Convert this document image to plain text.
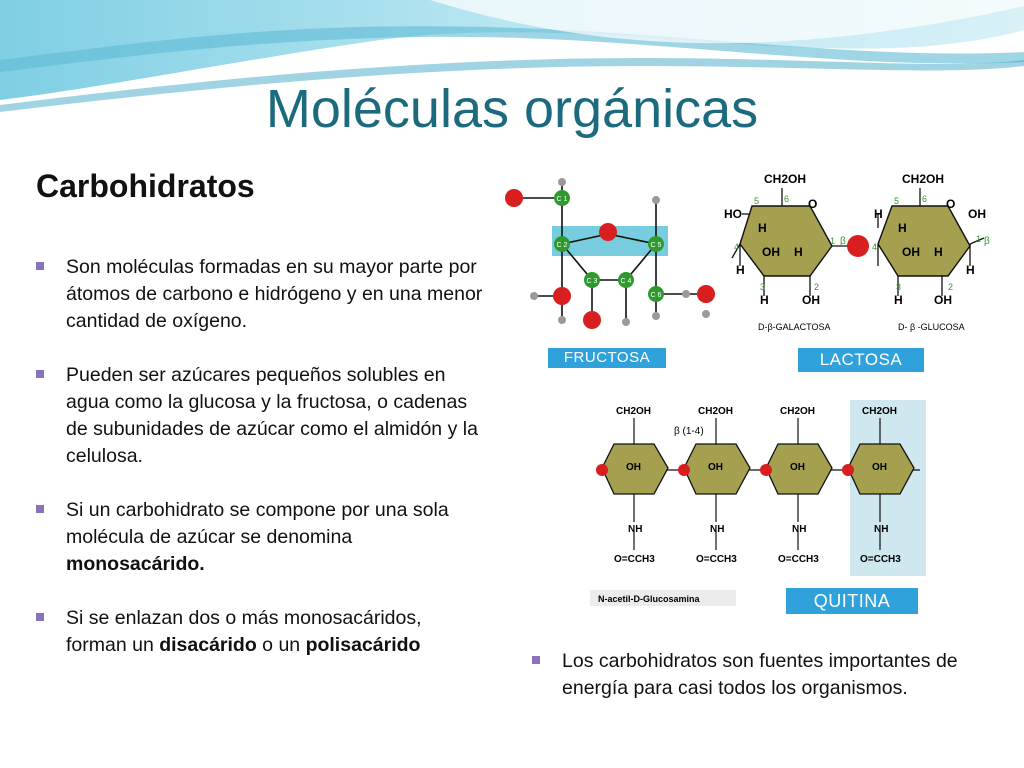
Moléculas orgánicas
Carbohidratos
Son moléculas formadas en su mayor parte por átomos de carbono e hidrógeno y en una menor cantidad de oxígeno.
Pueden ser azúcares pequeños solubles en agua como la glucosa y la fructosa, o cadenas de subunidades de azúcar como el almidón y la celulosa.
Si un carbohidrato se compone por una sola molécula de azúcar se denomina monosacárido.
Si se enlazan dos o más monosacáridos, forman un disacárido o un polisacárido
Los carbohidratos son fuentes importantes de energía para casi todos los organismos.
C 1
C 2	C 5
C 3	C 4
C 6
FRUCTOSA
CH2OH	CH2OH
HO
O	O
H
H
H
OH
OH H	OH H
H	H
H	OH	H	OH
β	β
5
4
3	2
1
6	5
4
3	2
1
6
D-β-GALACTOSA	D- β -GLUCOSA
LACTOSA
CH2OH	CH2OH	CH2OH	CH2OH
OH	OH	OH	OH
NH	NH	NH	NH
O=CCH3	O=CCH3	O=CCH3	O=CCH3
β (1-4)
N-acetil-D-Glucosamina	QUITINA
